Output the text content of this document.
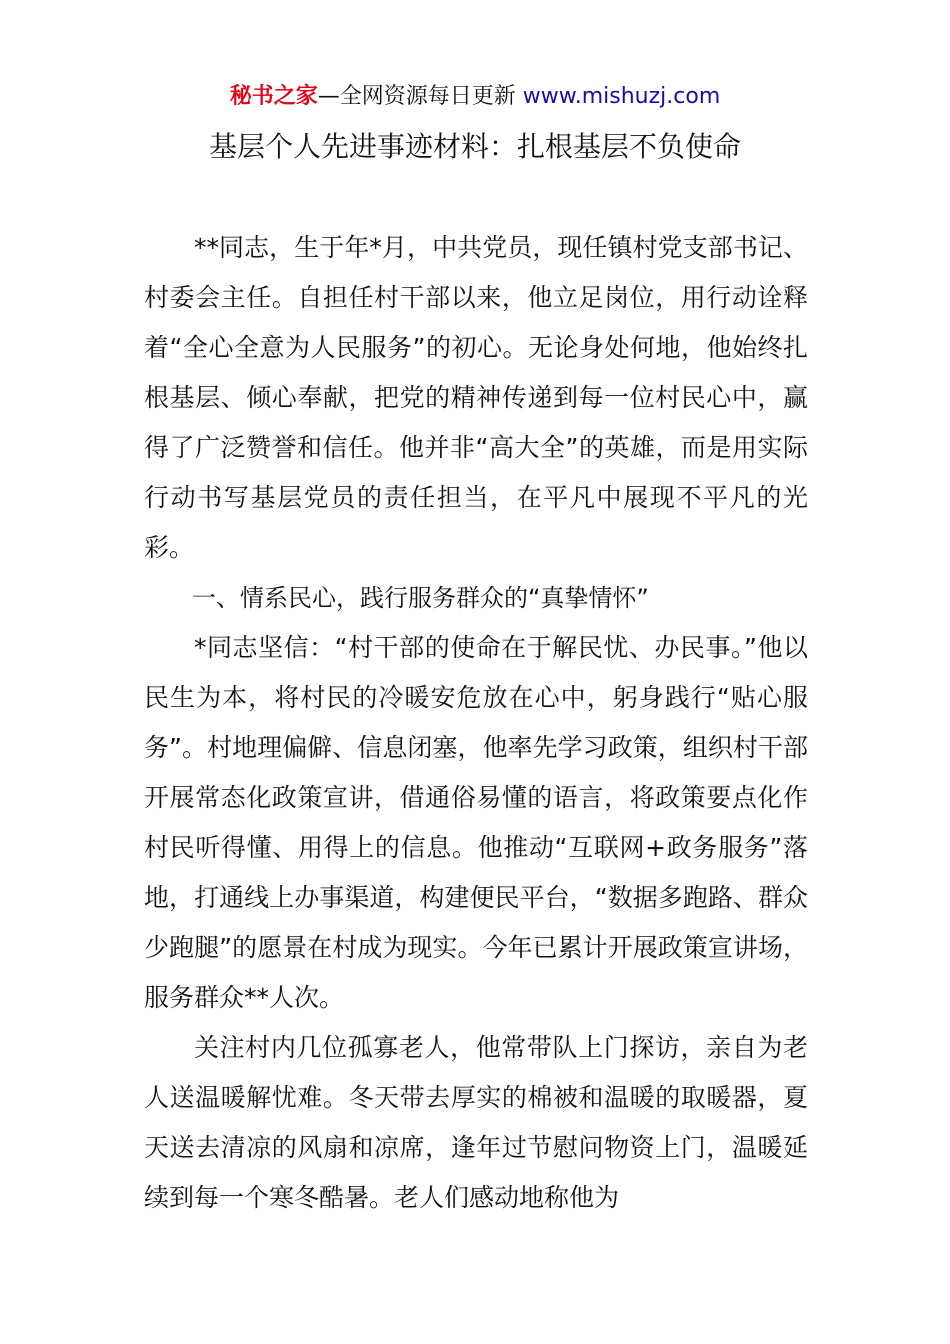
秘书之家—全网资源每日更新 www.mishuzj.com
基层个人先进事迹材料：扎根基层不负使命

**同志，生于年*月，中共党员，现任镇村党支部书记、村委会主任。自担任村干部以来，他立足岗位，用行动诠释着“全心全意为人民服务”的初心。无论身处何地，他始终扎根基层、倾心奉献，把党的精神传递到每一位村民心中，赢得了广泛赞誉和信任。他并非“高大全”的英雄，而是用实际行动书写基层党员的责任担当，在平凡中展现不平凡的光彩。

一、情系民心，践行服务群众的“真挚情怀”

*同志坚信：“村干部的使命在于解民忧、办民事。”他以民生为本，将村民的冷暖安危放在心中，躬身践行“贴心服务”。村地理偏僻、信息闭塞，他率先学习政策，组织村干部开展常态化政策宣讲，借通俗易懂的语言，将政策要点化作村民听得懂、用得上的信息。他推动“互联网+政务服务”落地，打通线上办事渠道，构建便民平台，“数据多跑路、群众少跑腿”的愿景在村成为现实。今年已累计开展政策宣讲场，服务群众**人次。

关注村内几位孤寡老人，他常带队上门探访，亲自为老人送温暖解忧难。冬天带去厚实的棉被和温暖的取暖器，夏天送去清凉的风扇和凉席，逢年过节慰问物资上门，温暖延续到每一个寒冬酷暑。老人们感动地称他为
